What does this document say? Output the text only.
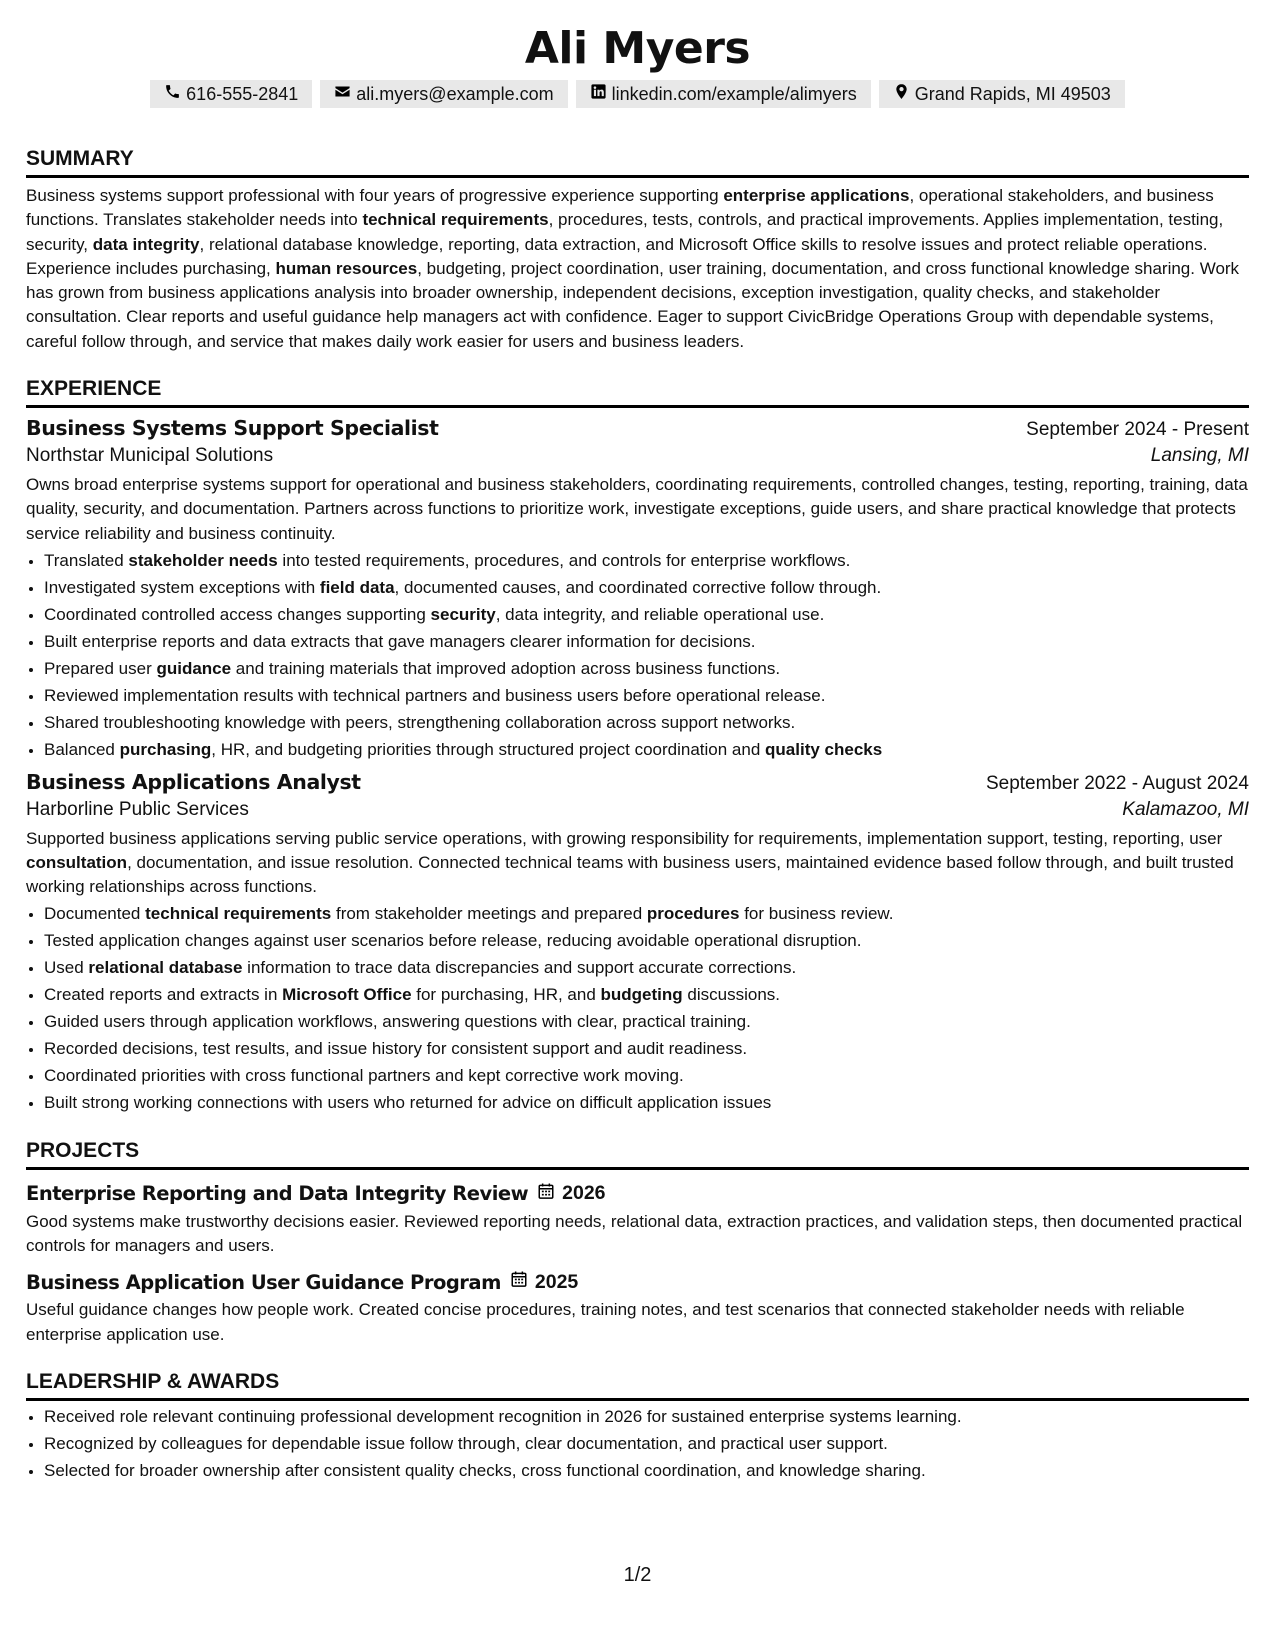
Ali Myers
616-555-2841	ali.myers@example.com	linkedin.com/example/alimyers	Grand Rapids, MI 49503
SUMMARY

Business systems support professional with four years of progressive experience supporting enterprise applications, operational stakeholders, and business functions. Translates stakeholder needs into technical requirements, procedures, tests, controls, and practical improvements. Applies implementation, testing, security, data integrity, relational database knowledge, reporting, data extraction, and Microsoft Office skills to resolve issues and protect reliable operations. Experience includes purchasing, human resources, budgeting, project coordination, user training, documentation, and cross functional knowledge sharing. Work has grown from business applications analysis into broader ownership, independent decisions, exception investigation, quality checks, and stakeholder consultation. Clear reports and useful guidance help managers act with confidence. Eager to support CivicBridge Operations Group with dependable systems, careful follow through, and service that makes daily work easier for users and business leaders.

EXPERIENCE
Business Systems Support Specialist	September 2024 - Present
Northstar Municipal Solutions	Lansing, MI

Owns broad enterprise systems support for operational and business stakeholders, coordinating requirements, controlled changes, testing, reporting, training, data quality, security, and documentation. Partners across functions to prioritize work, investigate exceptions, guide users, and share practical knowledge that protects service reliability and business continuity.

• Translated stakeholder needs into tested requirements, procedures, and controls for enterprise workflows.
• Investigated system exceptions with field data, documented causes, and coordinated corrective follow through.
• Coordinated controlled access changes supporting security, data integrity, and reliable operational use.
• Built enterprise reports and data extracts that gave managers clearer information for decisions.
• Prepared user guidance and training materials that improved adoption across business functions.
• Reviewed implementation results with technical partners and business users before operational release.
• Shared troubleshooting knowledge with peers, strengthening collaboration across support networks.
• Balanced purchasing, HR, and budgeting priorities through structured project coordination and quality checks
Business Applications Analyst	September 2022 - August 2024
Harborline Public Services	Kalamazoo, MI

Supported business applications serving public service operations, with growing responsibility for requirements, implementation support, testing, reporting, user consultation, documentation, and issue resolution. Connected technical teams with business users, maintained evidence based follow through, and built trusted working relationships across functions.

• Documented technical requirements from stakeholder meetings and prepared procedures for business review.
• Tested application changes against user scenarios before release, reducing avoidable operational disruption.
• Used relational database information to trace data discrepancies and support accurate corrections.
• Created reports and extracts in Microsoft Office for purchasing, HR, and budgeting discussions.
• Guided users through application workflows, answering questions with clear, practical training.
• Recorded decisions, test results, and issue history for consistent support and audit readiness.
• Coordinated priorities with cross functional partners and kept corrective work moving.
• Built strong working connections with users who returned for advice on difficult application issues
PROJECTS
Enterprise Reporting and Data Integrity Review 2026

Good systems make trustworthy decisions easier. Reviewed reporting needs, relational data, extraction practices, and validation steps, then documented practical controls for managers and users.

Business Application User Guidance Program 2025

Useful guidance changes how people work. Created concise procedures, training notes, and test scenarios that connected stakeholder needs with reliable enterprise application use.

LEADERSHIP & AWARDS
• Received role relevant continuing professional development recognition in 2026 for sustained enterprise systems learning.
• Recognized by colleagues for dependable issue follow through, clear documentation, and practical user support.
• Selected for broader ownership after consistent quality checks, cross functional coordination, and knowledge sharing.
1/2
